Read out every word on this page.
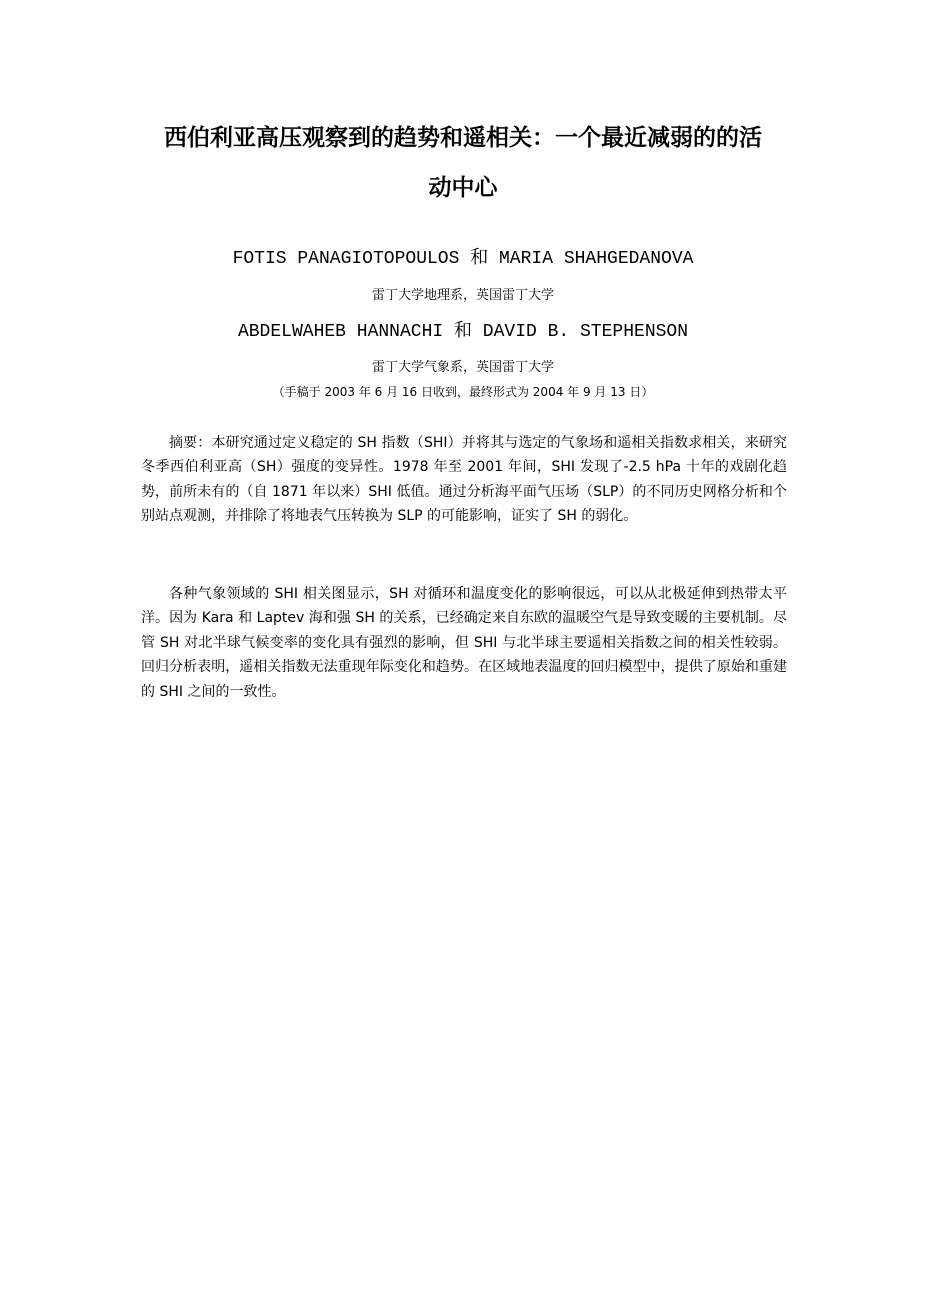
西伯利亚高压观察到的趋势和遥相关：一个最近减弱的的活
动中心
FOTIS PANAGIOTOPOULOS 和 MARIA SHAHGEDANOVA
雷丁大学地理系，英国雷丁大学
ABDELWAHEB HANNACHI 和 DAVID B. STEPHENSON
雷丁大学气象系，英国雷丁大学
（手稿于 2003 年 6 月 16 日收到，最终形式为 2004 年 9 月 13 日）

摘要：本研究通过定义稳定的 SH 指数（SHI）并将其与选定的气象场和遥相关指数求相关，来研究冬季西伯利亚高（SH）强度的变异性。1978 年至 2001 年间，SHI 发现了-2.5 hPa 十年的戏剧化趋势，前所未有的（自 1871 年以来）SHI 低值。通过分析海平面气压场（SLP）的不同历史网格分析和个别站点观测，并排除了将地表气压转换为 SLP 的可能影响，证实了 SH 的弱化。

各种气象领域的 SHI 相关图显示，SH 对循环和温度变化的影响很远，可以从北极延伸到热带太平洋。因为 Kara 和 Laptev 海和强 SH 的关系，已经确定来自东欧的温暖空气是导致变暖的主要机制。尽管 SH 对北半球气候变率的变化具有强烈的影响，但 SHI 与北半球主要遥相关指数之间的相关性较弱。回归分析表明，遥相关指数无法重现年际变化和趋势。在区域地表温度的回归模型中，提供了原始和重建的 SHI 之间的一致性。
